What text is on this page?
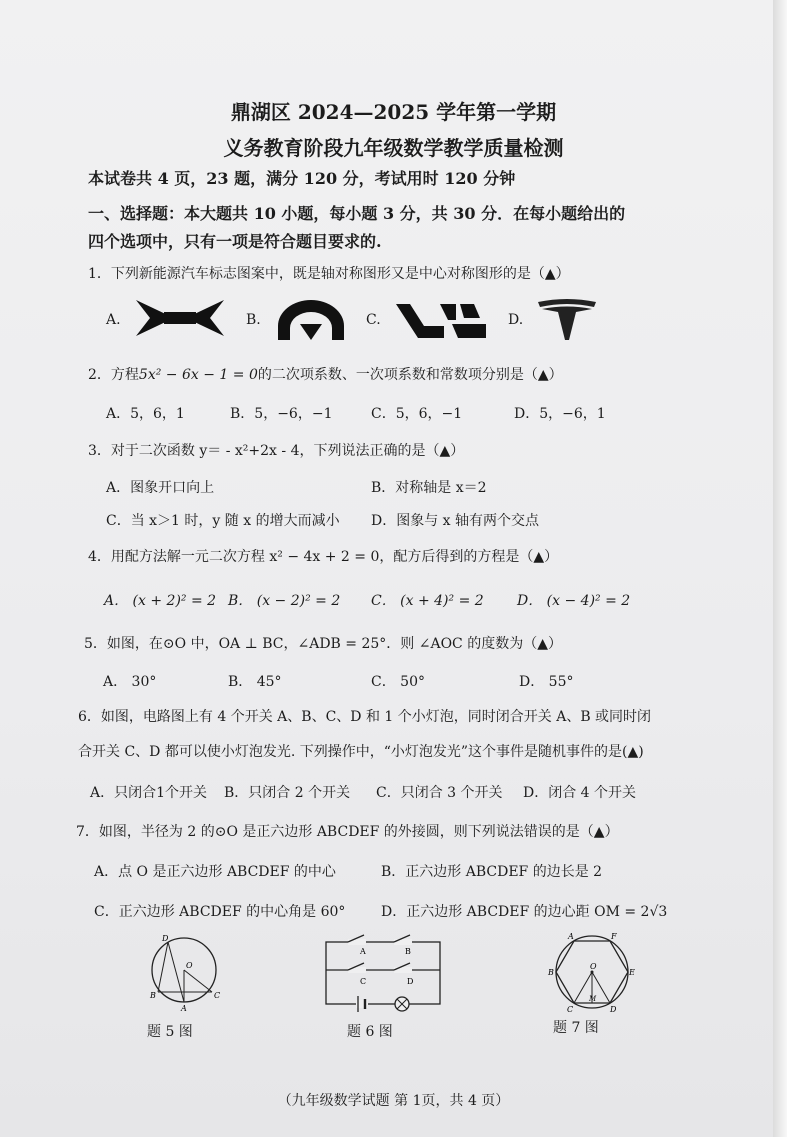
鼎湖区 2024—2025 学年第一学期
义务教育阶段九年级数学教学质量检测
本试卷共 4 页，23 题，满分 120 分，考试用时 120 分钟
一、选择题：本大题共 10 小题，每小题 3 分，共 30 分．在每小题给出的
四个选项中，只有一项是符合题目要求的.
1．下列新能源汽车标志图案中，既是轴对称图形又是中心对称图形的是（▲）
A.	B.	C.	D.
2．方程5x² − 6x − 1 = 0的二次项系数、一次项系数和常数项分别是（▲）
A．5，6，1	B．5，−6，−1	C．5，6，−1	D．5，−6，1
3．对于二次函数 y＝ - x²+2x - 4，下列说法正确的是（▲）
A．图象开口向上	B．对称轴是 x＝2
C．当 x＞1 时，y 随 x 的增大而减小 D．图象与 x 轴有两个交点
4．用配方法解一元二次方程 x² − 4x + 2 = 0，配方后得到的方程是（▲）
A． (x + 2)² = 2 B． (x − 2)² = 2 C． (x + 4)² = 2 D． (x − 4)² = 2
5．如图，在⊙O 中，OA ⊥ BC，∠ADB = 25°．则 ∠AOC 的度数为（▲）
A． 30°	B． 45°	C． 50°	D． 55°
6．如图，电路图上有 4 个开关 A、B、C、D 和 1 个小灯泡，同时闭合开关 A、B 或同时闭
合开关 C、D 都可以使小灯泡发光. 下列操作中，“小灯泡发光”这个事件是随机事件的是(▲)
A．只闭合1个开关 B．只闭合 2 个开关 C．只闭合 3 个开关 D．闭合 4 个开关
7．如图，半径为 2 的⊙O 是正六边形 ABCDEF 的外接圆，则下列说法错误的是（▲）
A．点 O 是正六边形 ABCDEF 的中心	B．正六边形 ABCDEF 的边长是 2
C．正六边形 ABCDEF 的中心角是 60°	D．正六边形 ABCDEF 的边心距 OM = 2√3
D
O
B
A
C
题 5 图
A	B
C	D
题 6 图
A	F
B
O
E
C
M
D
题 7 图
（九年级数学试题 第 1页，共 4 页）
